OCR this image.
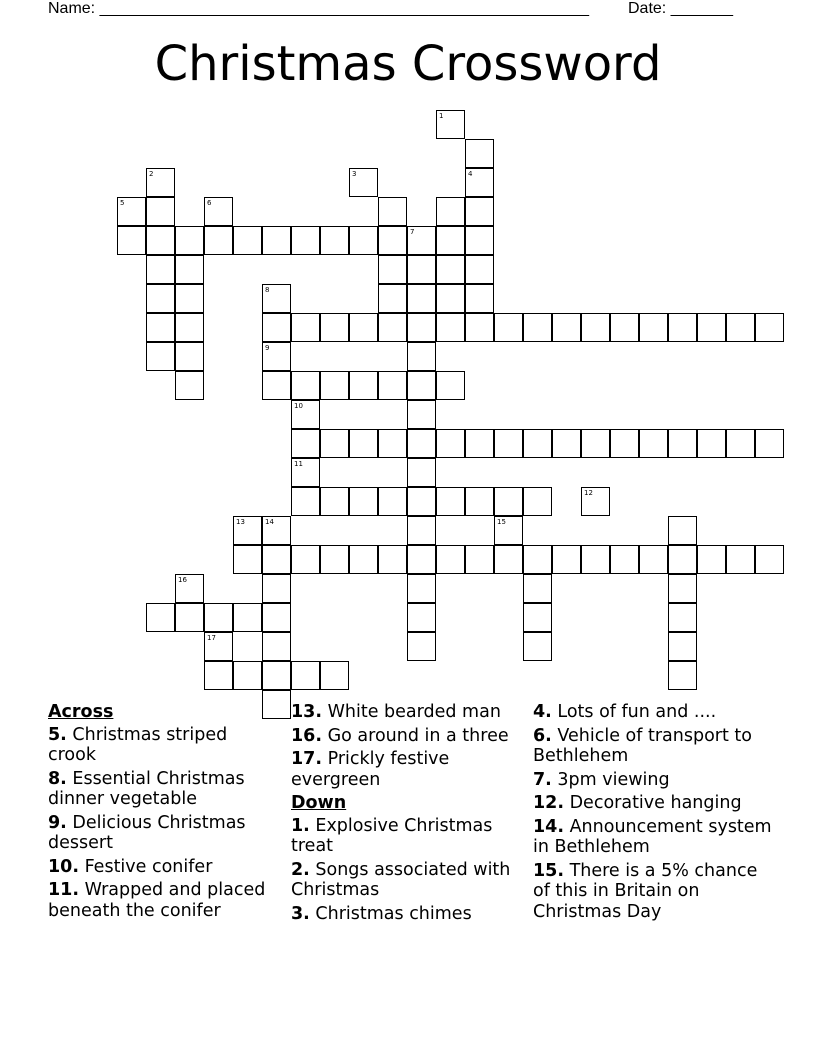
Name: _______________________________________________________ Date: _______
Christmas Crossword
4
1
2	3
5	6
7
8
9
10
11
12
13	14	15
16
17
Across
5. Christmas striped crook
8. Essential Christmas dinner vegetable
9. Delicious Christmas dessert
10. Festive conifer
11. Wrapped and placed beneath the conifer
13. White bearded man
16. Go around in a three
17. Prickly festive evergreen
Down
1. Explosive Christmas treat
2. Songs associated with Christmas
3. Christmas chimes
4. Lots of fun and ....
6. Vehicle of transport to Bethlehem
7. 3pm viewing
12. Decorative hanging
14. Announcement system in Bethlehem
15. There is a 5% chance of this in Britain on Christmas Day
